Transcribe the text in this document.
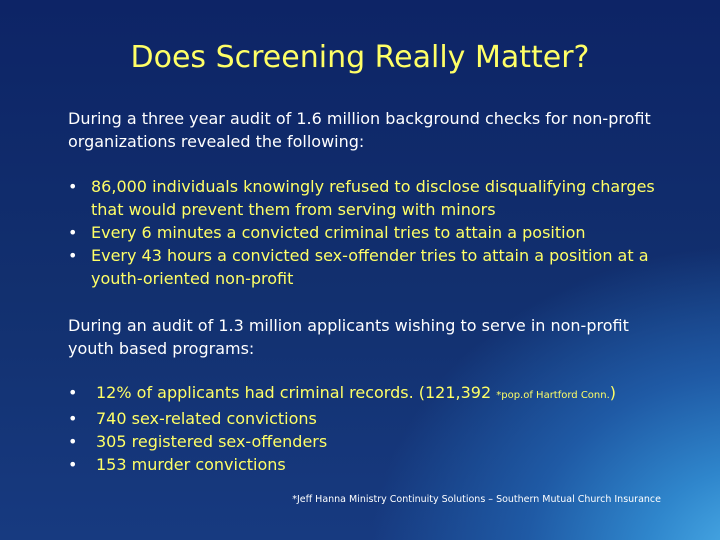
Does Screening Really Matter?

During a three year audit of 1.6 million background checks for non-profit organizations revealed the following:

• 86,000 individuals knowingly refused to disclose disqualifying charges that would prevent them from serving with minors
• Every 6 minutes a convicted criminal tries to attain a position
• Every 43 hours a convicted sex-offender tries to attain a position at a youth-oriented non-profit

During an audit of 1.3 million applicants wishing to serve in non-profit youth based programs:

• 12% of applicants had criminal records. (121,392 *pop.of Hartford Conn.)
• 740 sex-related convictions
• 305 registered sex-offenders
• 153 murder convictions
*Jeff Hanna Ministry Continuity Solutions – Southern Mutual Church Insurance
